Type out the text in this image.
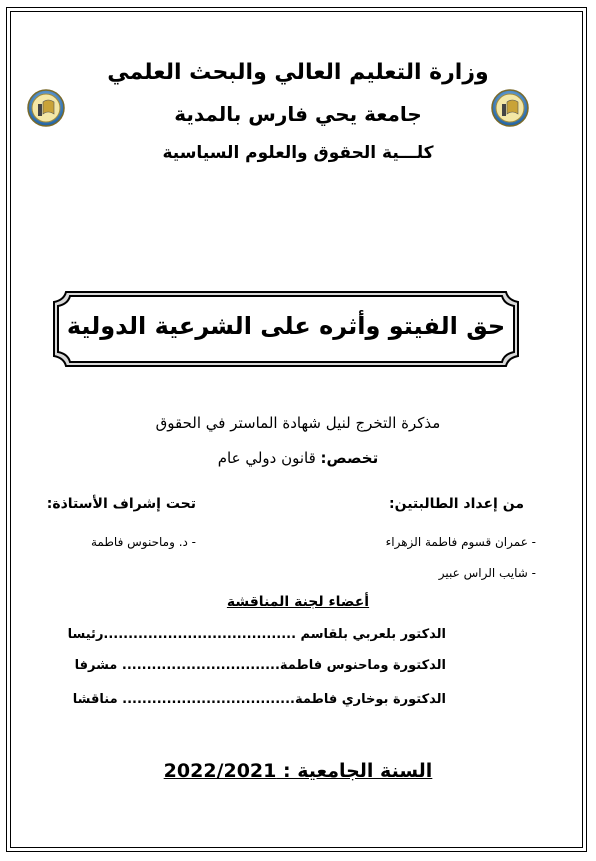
وزارة التعليم العالي والبحث العلمي
جامعة يحي فارس بالمدية
كلـــية الحقوق والعلوم السياسية
حق الفيتو وأثره على الشرعية الدولية
مذكرة التخرج لنيل شهادة الماستر في الحقوق
تخصص: قانون دولي عام
من إعداد الطالبتين:
- عمران قسوم فاطمة الزهراء
- شايب الراس عبير
تحت إشراف الأستاذة:
- د. وماحنوس فاطمة
أعضاء لجنة المناقشة
الدكتور بلعربي بلقاسم .......................................رئيسا
الدكتورة وماحنوس فاطمة................................ مشرفا
الدكتورة بوخاري فاطمة................................... مناقشا
السنة الجامعية : 2022/2021
